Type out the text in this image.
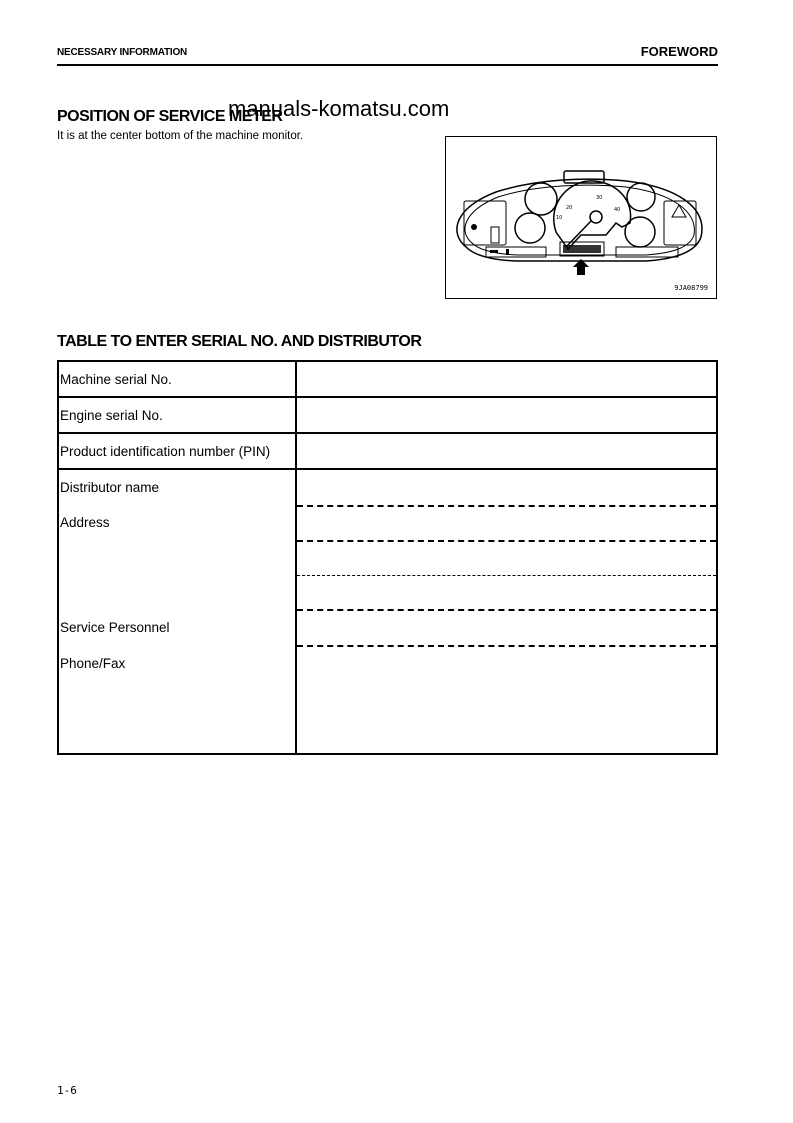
NECESSARY INFORMATION	FOREWORD
POSITION OF SERVICE METER
manuals-komatsu.com
It is at the center bottom of the machine monitor.
20
30
40
10
9JA08799
TABLE TO ENTER SERIAL NO. AND DISTRIBUTOR
Machine serial No.
Engine serial No.
Product identification number (PIN)
Distributor name
Address
Service Personnel
Phone/Fax
1-6
